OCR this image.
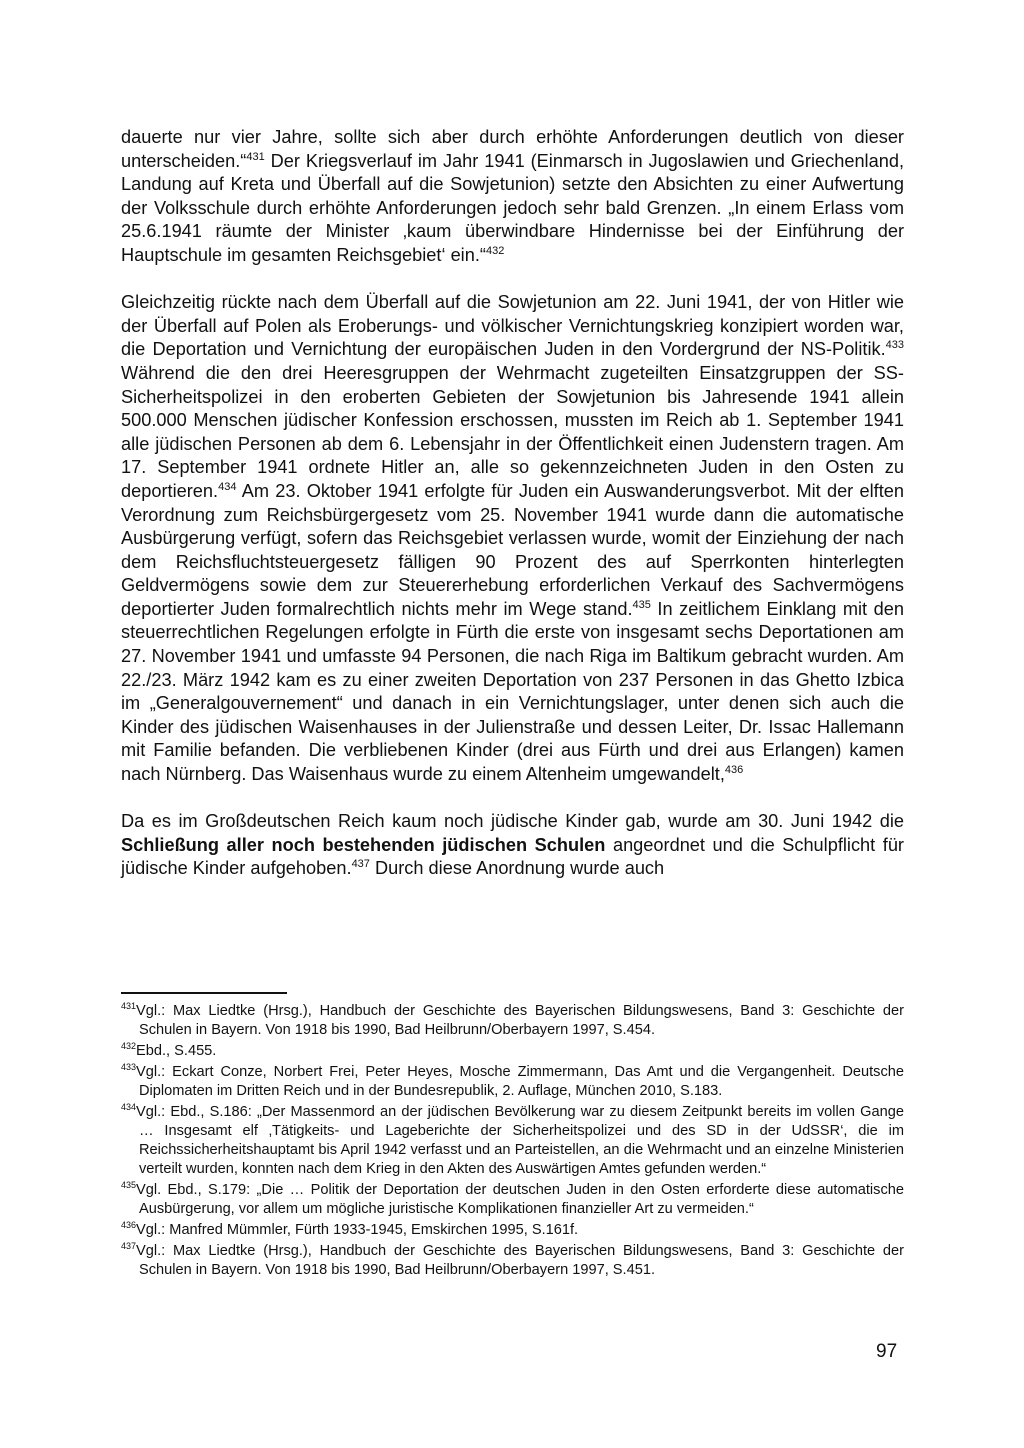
dauerte nur vier Jahre, sollte sich aber durch erhöhte Anforderungen deutlich von dieser unterscheiden.“$^{431}$ Der Kriegsverlauf im Jahr 1941 (Einmarsch in Jugoslawien und Griechenland, Landung auf Kreta und Überfall auf die Sowjetunion) setzte den Absichten zu einer Aufwertung der Volksschule durch erhöhte Anforderungen jedoch sehr bald Grenzen. „In einem Erlass vom 25.6.1941 räumte der Minister ‚kaum überwindbare Hindernisse bei der Einführung der Hauptschule im gesamten Reichsgebiet‘ ein.“$^{432}$

Gleichzeitig rückte nach dem Überfall auf die Sowjetunion am 22. Juni 1941, der von Hitler wie der Überfall auf Polen als Eroberungs- und völkischer Vernichtungskrieg konzipiert worden war, die Deportation und Vernichtung der europäischen Juden in den Vordergrund der NS-Politik.$^{433}$ Während die den drei Heeresgruppen der Wehrmacht zugeteilten Einsatzgruppen der SS-Sicherheitspolizei in den eroberten Gebieten der Sowjetunion bis Jahresende 1941 allein 500.000 Menschen jüdischer Konfession erschossen, mussten im Reich ab 1. September 1941 alle jüdischen Personen ab dem 6. Lebensjahr in der Öffentlichkeit einen Judenstern tragen. Am 17. September 1941 ordnete Hitler an, alle so gekennzeichneten Juden in den Osten zu deportieren.$^{434}$ Am 23. Oktober 1941 erfolgte für Juden ein Auswanderungsverbot. Mit der elften Verordnung zum Reichsbürgergesetz vom 25. November 1941 wurde dann die automatische Ausbürgerung verfügt, sofern das Reichsgebiet verlassen wurde, womit der Einziehung der nach dem Reichsfluchtsteuergesetz fälligen 90 Prozent des auf Sperrkonten hinterlegten Geldvermögens sowie dem zur Steuererhebung erforderlichen Verkauf des Sachvermögens deportierter Juden formalrechtlich nichts mehr im Wege stand.$^{435}$ In zeitlichem Einklang mit den steuerrechtlichen Regelungen erfolgte in Fürth die erste von insgesamt sechs Deportationen am 27. November 1941 und umfasste 94 Personen, die nach Riga im Baltikum gebracht wurden. Am 22./23. März 1942 kam es zu einer zweiten Deportation von 237 Personen in das Ghetto Izbica im „Generalgouvernement“ und danach in ein Vernichtungslager, unter denen sich auch die Kinder des jüdischen Waisenhauses in der Julienstraße und dessen Leiter, Dr. Issac Hallemann mit Familie befanden. Die verbliebenen Kinder (drei aus Fürth und drei aus Erlangen) kamen nach Nürnberg. Das Waisenhaus wurde zu einem Altenheim umgewandelt,$^{436}$

Da es im Großdeutschen Reich kaum noch jüdische Kinder gab, wurde am 30. Juni 1942 die Schließung aller noch bestehenden jüdischen Schulen angeordnet und die Schulpflicht für jüdische Kinder aufgehoben.$^{437}$ Durch diese Anordnung wurde auch

$^{431}$Vgl.: Max Liedtke (Hrsg.), Handbuch der Geschichte des Bayerischen Bildungswesens, Band 3: Geschichte der Schulen in Bayern. Von 1918 bis 1990, Bad Heilbrunn/Oberbayern 1997, S.454.

$^{432}$Ebd., S.455.

$^{433}$Vgl.: Eckart Conze, Norbert Frei, Peter Heyes, Mosche Zimmermann, Das Amt und die Vergangenheit. Deutsche Diplomaten im Dritten Reich und in der Bundesrepublik, 2. Auflage, München 2010, S.183.

$^{434}$Vgl.: Ebd., S.186: „Der Massenmord an der jüdischen Bevölkerung war zu diesem Zeitpunkt bereits im vollen Gange … Insgesamt elf ‚Tätigkeits- und Lageberichte der Sicherheitspolizei und des SD in der UdSSR‘, die im Reichssicherheitshauptamt bis April 1942 verfasst und an Parteistellen, an die Wehrmacht und an einzelne Ministerien verteilt wurden, konnten nach dem Krieg in den Akten des Auswärtigen Amtes gefunden werden.“

$^{435}$Vgl. Ebd., S.179: „Die … Politik der Deportation der deutschen Juden in den Osten erforderte diese automatische Ausbürgerung, vor allem um mögliche juristische Komplikationen finanzieller Art zu vermeiden.“

$^{436}$Vgl.: Manfred Mümmler, Fürth 1933-1945, Emskirchen 1995, S.161f.

$^{437}$Vgl.: Max Liedtke (Hrsg.), Handbuch der Geschichte des Bayerischen Bildungswesens, Band 3: Geschichte der Schulen in Bayern. Von 1918 bis 1990, Bad Heilbrunn/Oberbayern 1997, S.451.

97
